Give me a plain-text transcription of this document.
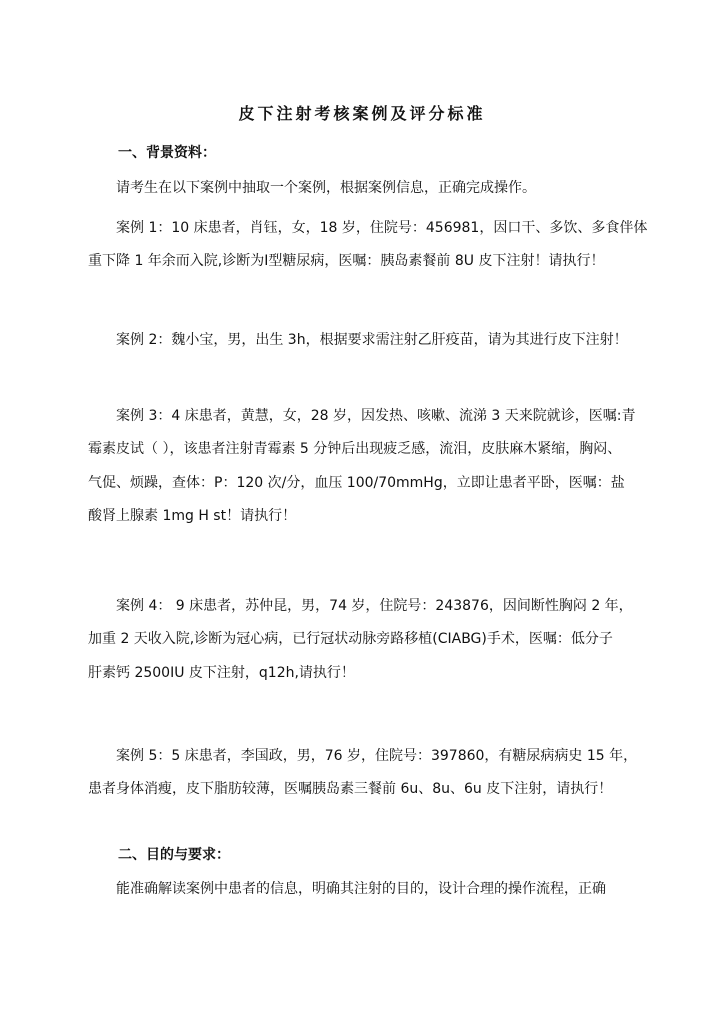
皮下注射考核案例及评分标准
一、背景资料：
请考生在以下案例中抽取一个案例，根据案例信息，正确完成操作。
案例 1：10 床患者，肖钰，女，18 岁，住院号：456981，因口干、多饮、多食伴体
重下降 1 年余而入院,诊断为Ⅰ型糖尿病，医嘱：胰岛素餐前 8U 皮下注射！请执行！
案例 2：魏小宝，男，出生 3h，根据要求需注射乙肝疫苗，请为其进行皮下注射！
案例 3：4 床患者，黄慧，女，28 岁，因发热、咳嗽、流涕 3 天来院就诊，医嘱:青
霉素皮试（ ），该患者注射青霉素 5 分钟后出现疲乏感，流泪，皮肤麻木紧缩，胸闷、
气促、烦躁，查体：P：120 次/分，血压 100/70mmHg，立即让患者平卧，医嘱：盐
酸肾上腺素 1mg H st！请执行！
案例 4： 9 床患者，苏仲昆，男，74 岁，住院号：243876，因间断性胸闷 2 年，
加重 2 天收入院,诊断为冠心病，已行冠状动脉旁路移植(CIABG)手术，医嘱：低分子
肝素钙 2500IU 皮下注射，q12h,请执行！
案例 5：5 床患者，李国政，男，76 岁，住院号：397860，有糖尿病病史 15 年，
患者身体消瘦，皮下脂肪较薄，医嘱胰岛素三餐前 6u、8u、6u 皮下注射，请执行！
二、目的与要求：
能准确解读案例中患者的信息，明确其注射的目的，设计合理的操作流程，正确
